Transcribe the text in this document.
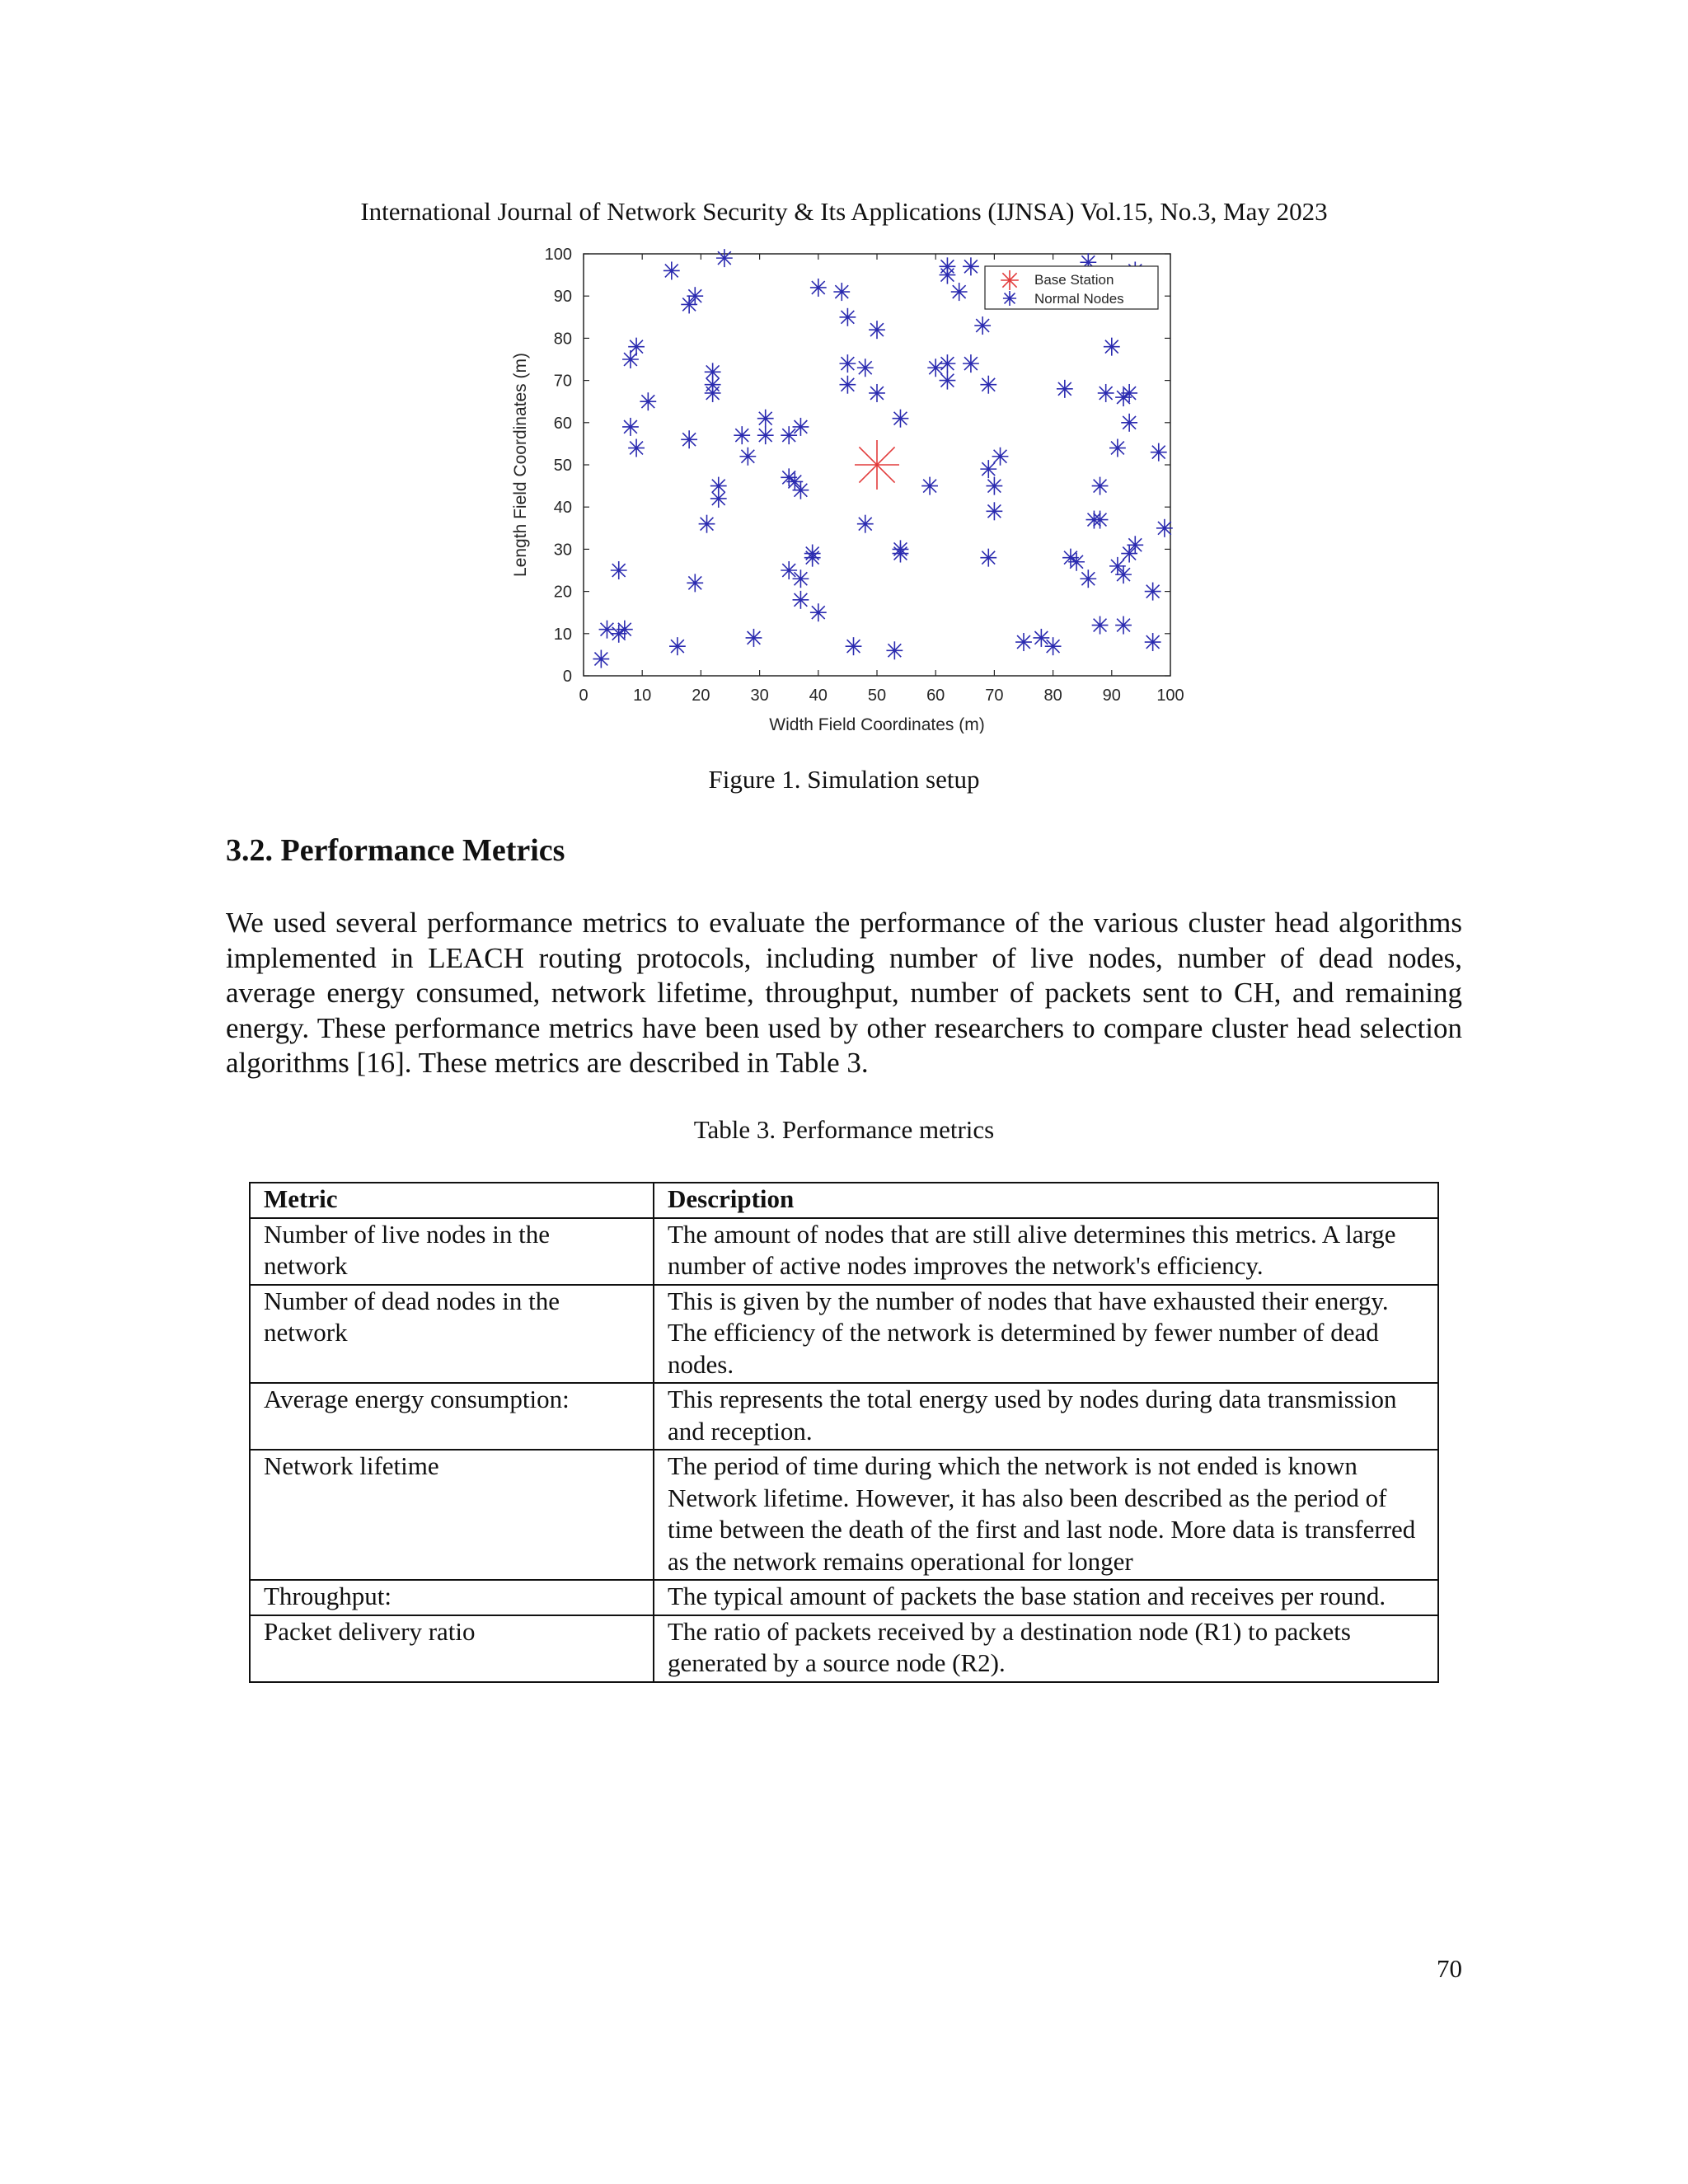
International Journal of Network Security & Its Applications (IJNSA) Vol.15, No.3, May 2023
0	10 20 30 40 50 60 70 80 90 100
0
10
20
30
40
50
60
70
80
90
100
Width Field Coordinates (m)
Length Field Coordinates (m)
Base Station
Normal Nodes
Figure 1. Simulation setup
3.2. Performance Metrics

We used several performance metrics to evaluate the performance of the various cluster head algorithms implemented in LEACH routing protocols, including number of live nodes, number of dead nodes, average energy consumed, network lifetime, throughput, number of packets sent to CH, and remaining energy. These performance metrics have been used by other researchers to compare cluster head selection algorithms [16]. These metrics are described in Table 3.

Table 3. Performance metrics
Metric	Description
Number of live nodes in the network	The amount of nodes that are still alive determines this metrics. A large number of active nodes improves the network's efficiency.
Number of dead nodes in the network	This is given by the number of nodes that have exhausted their energy. The efficiency of the network is determined by fewer number of dead nodes.
Average energy consumption:	This represents the total energy used by nodes during data transmission and reception.
Network lifetime	The period of time during which the network is not ended is known Network lifetime. However, it has also been described as the period of time between the death of the first and last node. More data is transferred as the network remains operational for longer
Throughput:	The typical amount of packets the base station and receives per round.
Packet delivery ratio	The ratio of packets received by a destination node (R1) to packets generated by a source node (R2).
70
